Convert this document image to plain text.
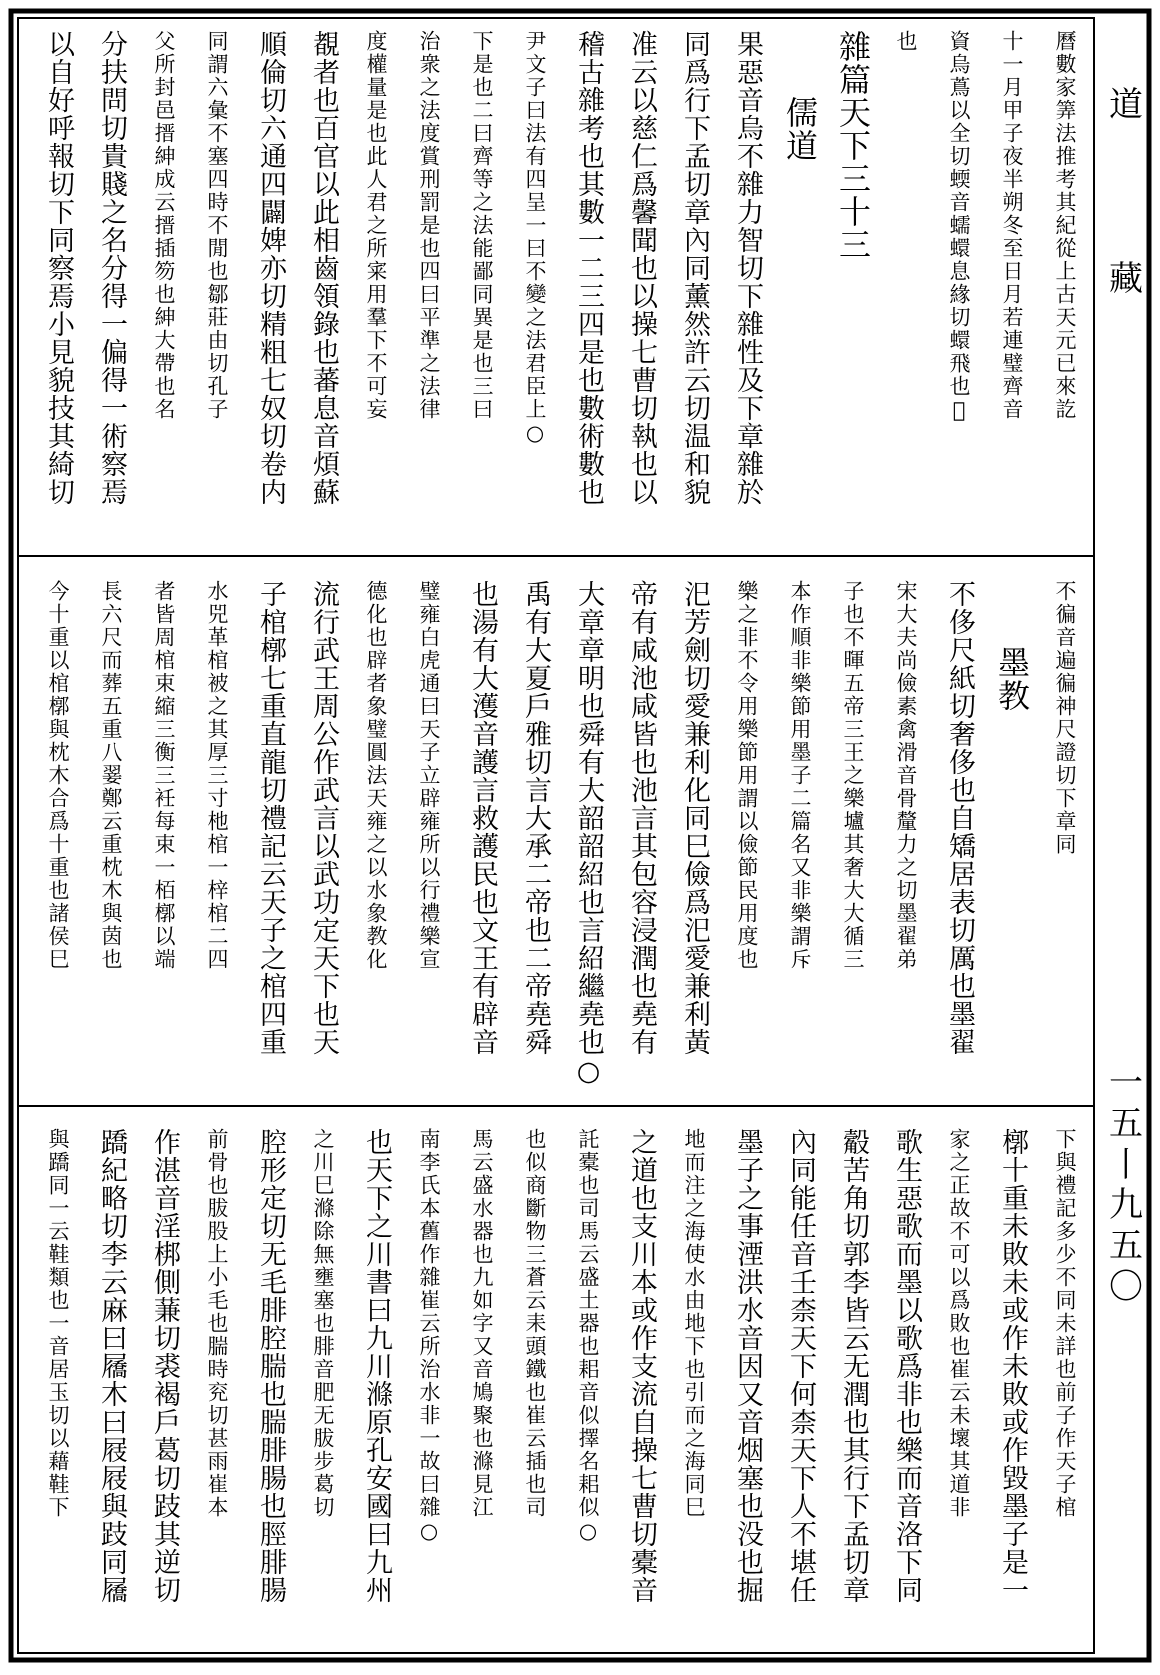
道
藏
一
五
丨
九
五
〇
曆數家筭法推考其紀從上古天元已來訖
十一月甲子夜半朔冬至日月若連璧齊音
資烏蔦以全切蝡音蠕蠉息緣切蠉飛也𧔧
也
雜篇天下三十三
　　儒道
果惡音烏不雜力智切下雜性及下章雜於
同爲行下孟切章內同薰然許云切温和貌
准云以慈仁爲馨聞也以操七曹切執也以
稽古雜考也其數一二三四是也數術數也
尹文子曰法有四呈一曰不變之法君臣上○
下是也二曰齊等之法能鄙同異是也三曰
治衆之法度賞刑罰是也四曰平準之法律
度權量是也此人君之所宷用羣下不可妄
覩者也百官以此相齒領錄也蕃息音煩蘇
順倫切六通四闢婢亦切精粗七奴切卷内
同謂六𢑥不塞四時不閒也鄒莊由切孔子
父所封邑搢紳成云搢插笏也紳大帶也名
分扶問切貴賤之名分得一偏得一術察焉
以自好呼報切下同察焉小見貌技其綺切
不徧音遍徧神尺證切下章同
　　墨教
不侈尺紙切奢侈也自矯居表切厲也墨翟
宋大夫尚儉素禽滑音骨釐力之切墨翟弟
子也不暉五帝三王之樂壚其奢大大循三
本作順非樂節用墨子二篇名又非樂謂斥
樂之非不令用樂節用謂以儉節民用度也
汜芳劍切愛兼利化同巳儉爲汜愛兼利黃
帝有咸池咸皆也池言其包容浸潤也堯有
大章章明也舜有大韶韶紹也言紹繼堯也○
禹有大夏戶雅切言大承二帝也二帝堯舜
也湯有大濩音護言救護民也文王有辟音
璧雍白虎通曰天子立辟雍所以行禮樂宣
德化也辟者象璧圓法天雍之以水象教化
流行武王周公作武言以武功定天下也天
子棺槨七重直龍切禮記云天子之棺四重
水兕革棺被之其厚三寸杝棺一梓棺二四
者皆周棺束縮三衡三衽每束一栢槨以端
長六尺而葬五重八翣鄭云重枕木與茵也
今十重以棺槨與枕木合爲十重也諸侯巳
下與禮記多少不同未詳也前子作天子棺
槨十重未敗未或作未敗或作毀墨子是一
家之正故不可以爲敗也崔云未壞其道非
歌生惡歌而墨以歌爲非也樂而音洛下同
觳苦角切郭李皆云无潤也其行下孟切章
內同能任音壬柰天下何柰天下人不堪任
墨子之事湮洪水音因又音烟塞也没也掘
地而注之海使水由地下也引而之海同巳
之道也支川本或作支流自操七曹切橐音
託橐也司馬云盛土器也耜音似擇名耜似○
也似商斷物三蒼云耒頭鐵也崔云插也司
馬云盛水器也九如字又音鳩聚也滌見江
南李氏本舊作雜崔云所治水非一故曰雜○
也天下之川書曰九川滌原孔安國曰九州
之川巳滌除無壅塞也腓音肥无胈步葛切
腔形定切无毛腓腔腨也腨腓腸也脛腓腸
前骨也胈股上小毛也腨時兖切甚雨崔本
作湛音淫梆側蒹切裘褐戶葛切跂其逆切
蹻紀略切李云麻曰屩木曰屐屐與跂同屩
與蹻同一云鞋類也一音居玉切以藉鞋下
